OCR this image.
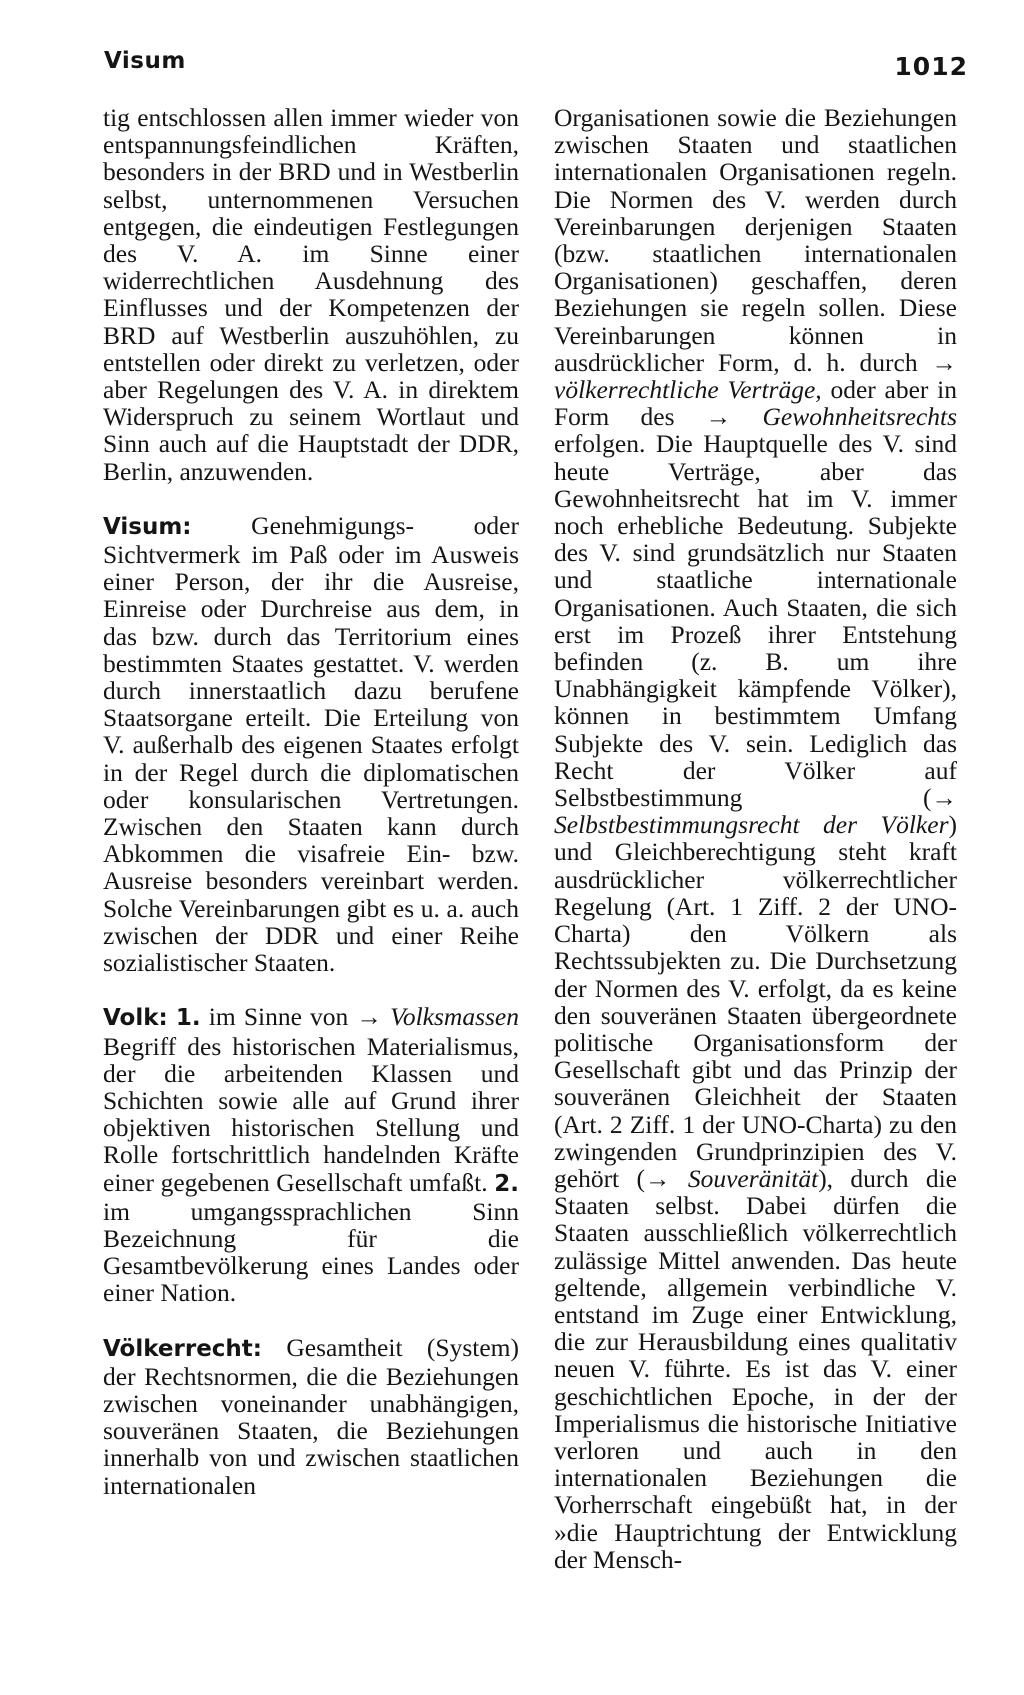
Visum	1012

tig entschlossen allen immer wieder von entspannungsfeindlichen Kräften, besonders in der BRD und in Westberlin selbst, unternommenen Versuchen entgegen, die eindeutigen Festlegungen des V. A. im Sinne einer widerrechtlichen Ausdehnung des Einflusses und der Kompetenzen der BRD auf Westberlin auszuhöhlen, zu entstellen oder direkt zu verletzen, oder aber Regelungen des V. A. in direktem Widerspruch zu seinem Wortlaut und Sinn auch auf die Hauptstadt der DDR, Berlin, anzuwenden.

Visum: Genehmigungs- oder Sichtvermerk im Paß oder im Ausweis einer Person, der ihr die Ausreise, Einreise oder Durchreise aus dem, in das bzw. durch das Territorium eines bestimmten Staates gestattet. V. werden durch innerstaatlich dazu berufene Staatsorgane erteilt. Die Erteilung von V. außerhalb des eigenen Staates erfolgt in der Regel durch die diplomatischen oder konsularischen Vertretungen. Zwischen den Staaten kann durch Abkommen die visafreie Ein- bzw. Ausreise besonders vereinbart werden. Solche Vereinbarungen gibt es u. a. auch zwischen der DDR und einer Reihe sozialistischer Staaten.

Volk: 1. im Sinne von → Volksmassen Begriff des historischen Materialismus, der die arbeitenden Klassen und Schichten sowie alle auf Grund ihrer objektiven historischen Stellung und Rolle fortschrittlich handelnden Kräfte einer gegebenen Gesellschaft umfaßt. 2. im umgangssprachlichen Sinn Bezeichnung für die Gesamtbevölkerung eines Landes oder einer Nation.

Völkerrecht: Gesamtheit (System) der Rechtsnormen, die die Beziehungen zwischen voneinander unabhängigen, souveränen Staaten, die Beziehungen innerhalb von und zwischen staatlichen internationalen

Organisationen sowie die Beziehungen zwischen Staaten und staatlichen internationalen Organisationen regeln. Die Normen des V. werden durch Vereinbarungen derjenigen Staaten (bzw. staatlichen internationalen Organisationen) geschaffen, deren Beziehungen sie regeln sollen. Diese Vereinbarungen können in ausdrücklicher Form, d. h. durch → völkerrechtliche Verträge, oder aber in Form des → Gewohnheitsrechts erfolgen. Die Hauptquelle des V. sind heute Verträge, aber das Gewohnheitsrecht hat im V. immer noch erhebliche Bedeutung. Subjekte des V. sind grundsätzlich nur Staaten und staatliche internationale Organisationen. Auch Staaten, die sich erst im Prozeß ihrer Entstehung befinden (z. B. um ihre Unabhängigkeit kämpfende Völker), können in bestimmtem Umfang Subjekte des V. sein. Lediglich das Recht der Völker auf Selbstbestimmung (→ Selbstbestimmungsrecht der Völker) und Gleichberechtigung steht kraft ausdrücklicher völkerrechtlicher Regelung (Art. 1 Ziff. 2 der UNO-Charta) den Völkern als Rechtssubjekten zu. Die Durchsetzung der Normen des V. erfolgt, da es keine den souveränen Staaten übergeordnete politische Organisationsform der Gesellschaft gibt und das Prinzip der souveränen Gleichheit der Staaten (Art. 2 Ziff. 1 der UNO-Charta) zu den zwingenden Grundprinzipien des V. gehört (→ Souveränität), durch die Staaten selbst. Dabei dürfen die Staaten ausschließlich völkerrechtlich zulässige Mittel anwenden. Das heute geltende, allgemein verbindliche V. entstand im Zuge einer Entwicklung, die zur Herausbildung eines qualitativ neuen V. führte. Es ist das V. einer geschichtlichen Epoche, in der der Imperialismus die historische Initiative verloren und auch in den internationalen Beziehungen die Vorherrschaft eingebüßt hat, in der »die Hauptrichtung der Entwicklung der Mensch-
